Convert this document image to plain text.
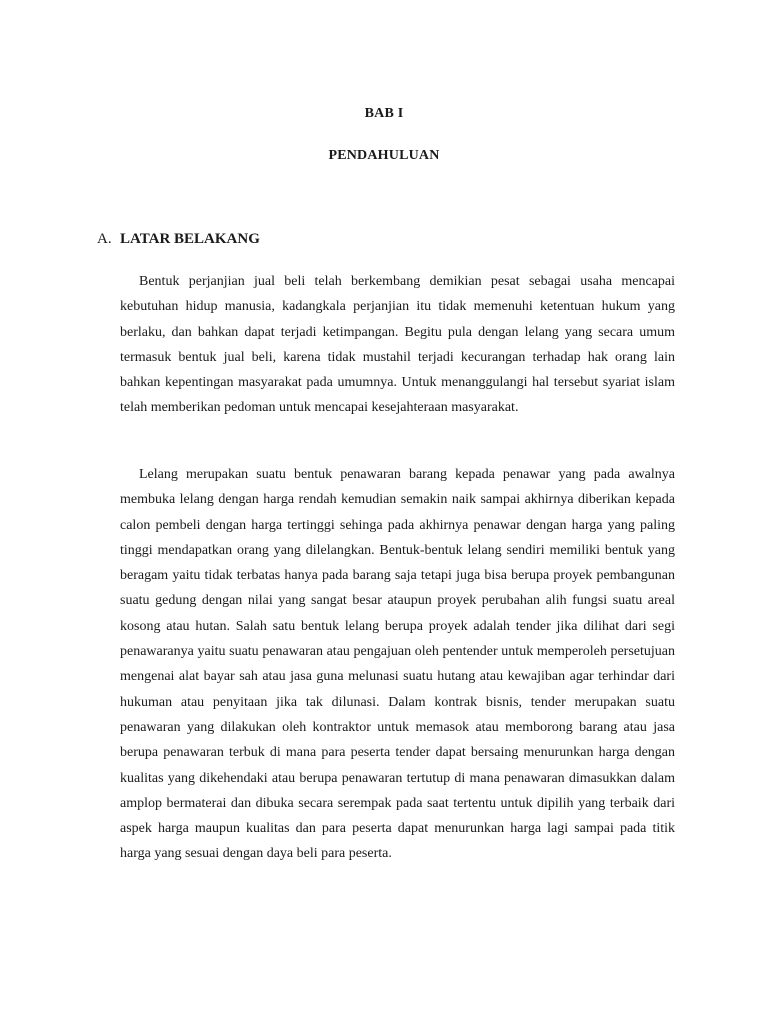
BAB I
PENDAHULUAN
A. LATAR BELAKANG

Bentuk perjanjian jual beli telah berkembang demikian pesat sebagai usaha mencapai kebutuhan hidup manusia, kadangkala perjanjian itu tidak memenuhi ketentuan hukum yang berlaku, dan bahkan dapat terjadi ketimpangan. Begitu pula dengan lelang yang secara umum termasuk bentuk jual beli, karena tidak mustahil terjadi kecurangan terhadap hak orang lain bahkan kepentingan masyarakat pada umumnya. Untuk menanggulangi hal tersebut syariat islam telah memberikan pedoman untuk mencapai kesejahteraan masyarakat.

Lelang merupakan suatu bentuk penawaran barang kepada penawar yang pada awalnya membuka lelang dengan harga rendah kemudian semakin naik sampai akhirnya diberikan kepada calon pembeli dengan harga tertinggi sehinga pada akhirnya penawar dengan harga yang paling tinggi mendapatkan orang yang dilelangkan. Bentuk-bentuk lelang sendiri memiliki bentuk yang beragam yaitu tidak terbatas hanya pada barang saja tetapi juga bisa berupa proyek pembangunan suatu gedung dengan nilai yang sangat besar ataupun proyek perubahan alih fungsi suatu areal kosong atau hutan. Salah satu bentuk lelang berupa proyek adalah tender jika dilihat dari segi penawaranya yaitu suatu penawaran atau pengajuan oleh pentender untuk memperoleh persetujuan mengenai alat bayar sah atau jasa guna melunasi suatu hutang atau kewajiban agar terhindar dari hukuman atau penyitaan jika tak dilunasi. Dalam kontrak bisnis, tender merupakan suatu penawaran yang dilakukan oleh kontraktor untuk memasok atau memborong barang atau jasa berupa penawaran terbuk di mana para peserta tender dapat bersaing menurunkan harga dengan kualitas yang dikehendaki atau berupa penawaran tertutup di mana penawaran dimasukkan dalam amplop bermaterai dan dibuka secara serempak pada saat tertentu untuk dipilih yang terbaik dari aspek harga maupun kualitas dan para peserta dapat menurunkan harga lagi sampai pada titik harga yang sesuai dengan daya beli para peserta.
